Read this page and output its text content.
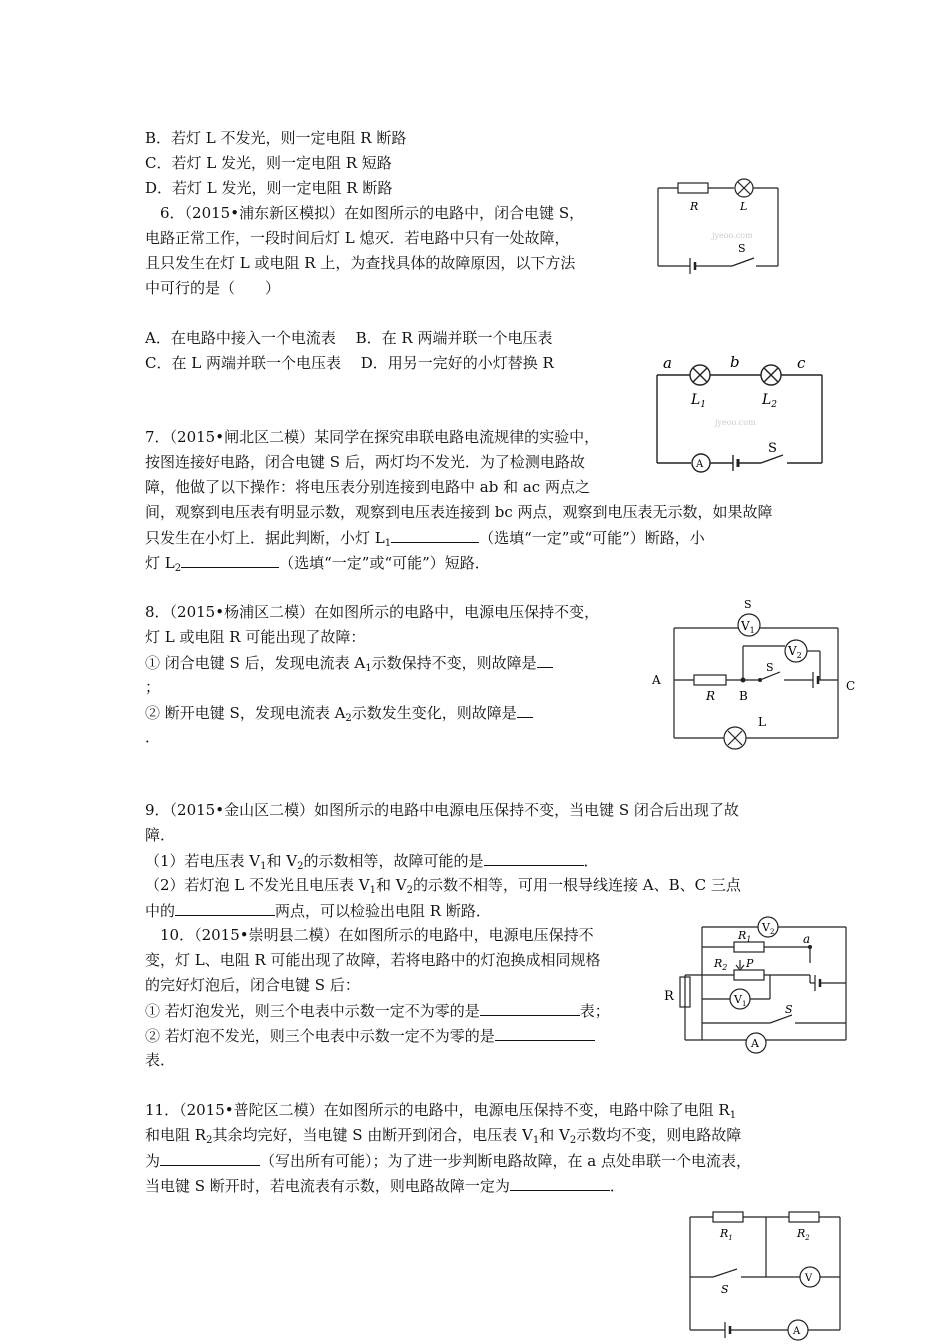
B．若灯 L 不发光，则一定电阻 R 断路
C．若灯 L 发光，则一定电阻 R 短路
D．若灯 L 发光，则一定电阻 R 断路
6．（2015•浦东新区模拟）在如图所示的电路中，闭合电键 S，
电路正常工作，一段时间后灯 L 熄灭．若电路中只有一处故障，
且只发生在灯 L 或电阻 R 上，为查找具体的故障原因，以下方法
中可行的是（　　）
A．在电路中接入一个电流表　 B．在 R 两端并联一个电压表
C．在 L 两端并联一个电压表　 D．用另一完好的小灯替换 R
R	L
S
jyeoo.com
7．（2015•闸北区二模）某同学在探究串联电路电流规律的实验中，
按图连接好电路，闭合电键 S 后，两灯均不发光．为了检测电路故
障，他做了以下操作：将电压表分别连接到电路中 ab 和 ac 两点之
间，观察到电压表有明显示数，观察到电压表连接到 bc 两点，观察到电压表无示数，如果故障
只发生在小灯上．据此判断，小灯 $L_1$	（选填“一定”或“可能”）断路，小
灯 $L_2$	（选填“一定”或“可能”）短路．
a	b	c
$L_1$	$L_2$
S
A
jyeoo.com
8．（2015•杨浦区二模）在如图所示的电路中，电源电压保持不变，
灯 L 或电阻 R 可能出现了故障：
① 闭合电键 S 后，发现电流表 $A_1$示数保持不变，则故障是
；
② 断开电键 S，发现电流表 $A_2$示数发生变化，则故障是
．
S
$V_1$
$V_2$
S
A
R B
C
L
9．（2015•金山区二模）如图所示的电路中电源电压保持不变，当电键 S 闭合后出现了故
障．
（1）若电压表 $V_1$和 $V_2$的示数相等，故障可能的是	．
（2）若灯泡 L 不发光且电压表 $V_1$和 $V_2$的示数不相等，可用一根导线连接 A、B、C 三点
中的	两点，可以检验出电阻 R 断路．
10．（2015•崇明县二模）在如图所示的电路中，电源电压保持不
变，灯 L、电阻 R 可能出现了故障，若将电路中的灯泡换成相同规格
的完好灯泡后，闭合电键 S 后：
① 若灯泡发光，则三个电表中示数一定不为零的是	表；
② 若灯泡不发光，则三个电表中示数一定不为零的是
表．
$V_2$
$R_1$	a
$R_2$ P
$V_1$
R
S
A
11．（2015•普陀区二模）在如图所示的电路中，电源电压保持不变，电路中除了电阻 $R_1$
和电阻 $R_2$其余均完好，当电键 S 由断开到闭合，电压表 $V_1$和 $V_2$示数均不变，则电路故障
为	（写出所有可能）；为了进一步判断电路故障，在 a 点处串联一个电流表，
当电键 S 断开时，若电流表有示数，则电路故障一定为	．
$R_1$	$R_2$
S
V
A
